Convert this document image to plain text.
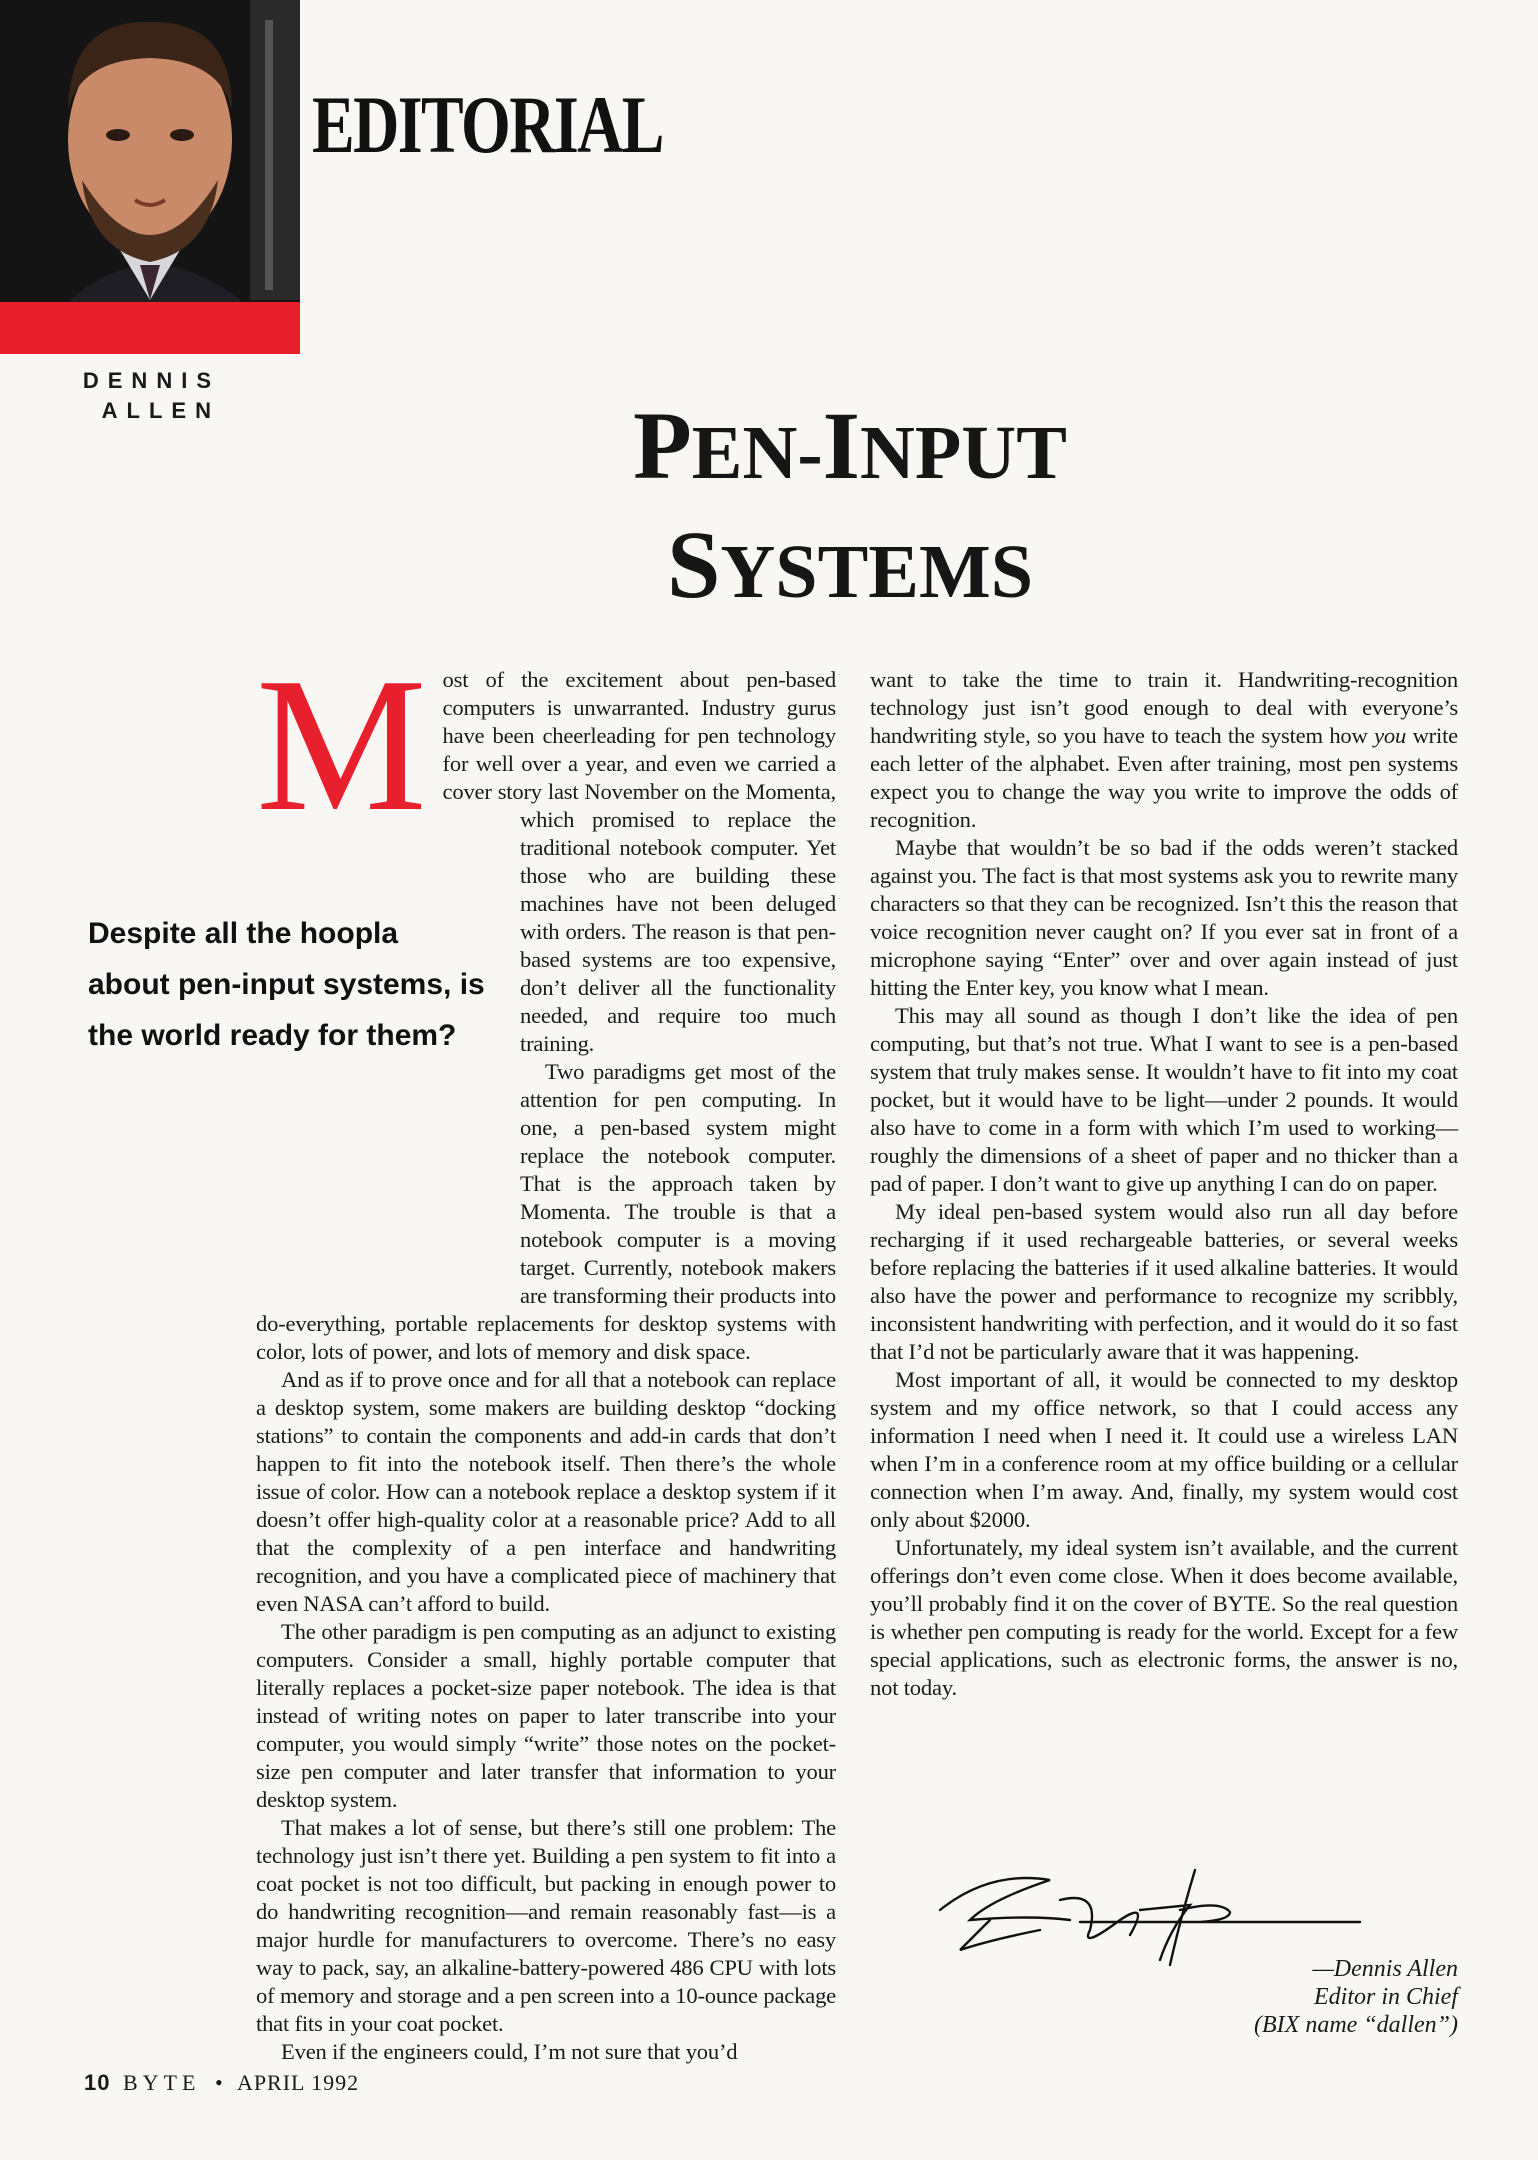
EDITORIAL
DENNIS
ALLEN	PEN-INPUT
SYSTEMS
Despite all the hoopla about pen-input systems, is the world ready for them?
M ost of the excitement about pen-based computers is unwarranted. Industry gurus have been cheerleading for pen technology for well over a year, and even we carried a cover story last November on the Momenta, which promised to replace the traditional notebook computer. Yet those who are building these machines have not been deluged with orders. The reason is that pen-based systems are too expensive, don’t deliver all the functionality needed, and require too much training.

Two paradigms get most of the attention for pen computing. In one, a pen-based system might replace the notebook computer. That is the approach taken by Momenta. The trouble is that a notebook computer is a moving target. Currently, notebook makers are transforming their products into do-everything, portable replacements for desktop systems with color, lots of power, and lots of memory and disk space.

And as if to prove once and for all that a notebook can replace a desktop system, some makers are building desktop “docking stations” to contain the components and add-in cards that don’t happen to fit into the notebook itself. Then there’s the whole issue of color. How can a notebook replace a desktop system if it doesn’t offer high-quality color at a reasonable price? Add to all that the complexity of a pen interface and handwriting recognition, and you have a complicated piece of machinery that even NASA can’t afford to build.

The other paradigm is pen computing as an adjunct to existing computers. Consider a small, highly portable computer that literally replaces a pocket-size paper notebook. The idea is that instead of writing notes on paper to later transcribe into your computer, you would simply “write” those notes on the pocket-size pen computer and later transfer that information to your desktop system.

That makes a lot of sense, but there’s still one problem: The technology just isn’t there yet. Building a pen system to fit into a coat pocket is not too difficult, but packing in enough power to do handwriting recognition—and remain reasonably fast—is a major hurdle for manufacturers to overcome. There’s no easy way to pack, say, an alkaline-battery-powered 486 CPU with lots of memory and storage and a pen screen into a 10-ounce package that fits in your coat pocket.

Even if the engineers could, I’m not sure that you’d

want to take the time to train it. Handwriting-recognition technology just isn’t good enough to deal with everyone’s handwriting style, so you have to teach the system how you write each letter of the alphabet. Even after training, most pen systems expect you to change the way you write to improve the odds of recognition.

Maybe that wouldn’t be so bad if the odds weren’t stacked against you. The fact is that most systems ask you to rewrite many characters so that they can be recognized. Isn’t this the reason that voice recognition never caught on? If you ever sat in front of a microphone saying “Enter” over and over again instead of just hitting the Enter key, you know what I mean.

This may all sound as though I don’t like the idea of pen computing, but that’s not true. What I want to see is a pen-based system that truly makes sense. It wouldn’t have to fit into my coat pocket, but it would have to be light—under 2 pounds. It would also have to come in a form with which I’m used to working—roughly the dimensions of a sheet of paper and no thicker than a pad of paper. I don’t want to give up anything I can do on paper.

My ideal pen-based system would also run all day before recharging if it used rechargeable batteries, or several weeks before replacing the batteries if it used alkaline batteries. It would also have the power and performance to recognize my scribbly, inconsistent handwriting with perfection, and it would do it so fast that I’d not be particularly aware that it was happening.

Most important of all, it would be connected to my desktop system and my office network, so that I could access any information I need when I need it. It could use a wireless LAN when I’m in a conference room at my office building or a cellular connection when I’m away. And, finally, my system would cost only about $2000.

Unfortunately, my ideal system isn’t available, and the current offerings don’t even come close. When it does become available, you’ll probably find it on the cover of BYTE. So the real question is whether pen computing is ready for the world. Except for a few special applications, such as electronic forms, the answer is no, not today.

—Dennis Allen
Editor in Chief
(BIX name “dallen”)
10 BYTE • APRIL 1992
